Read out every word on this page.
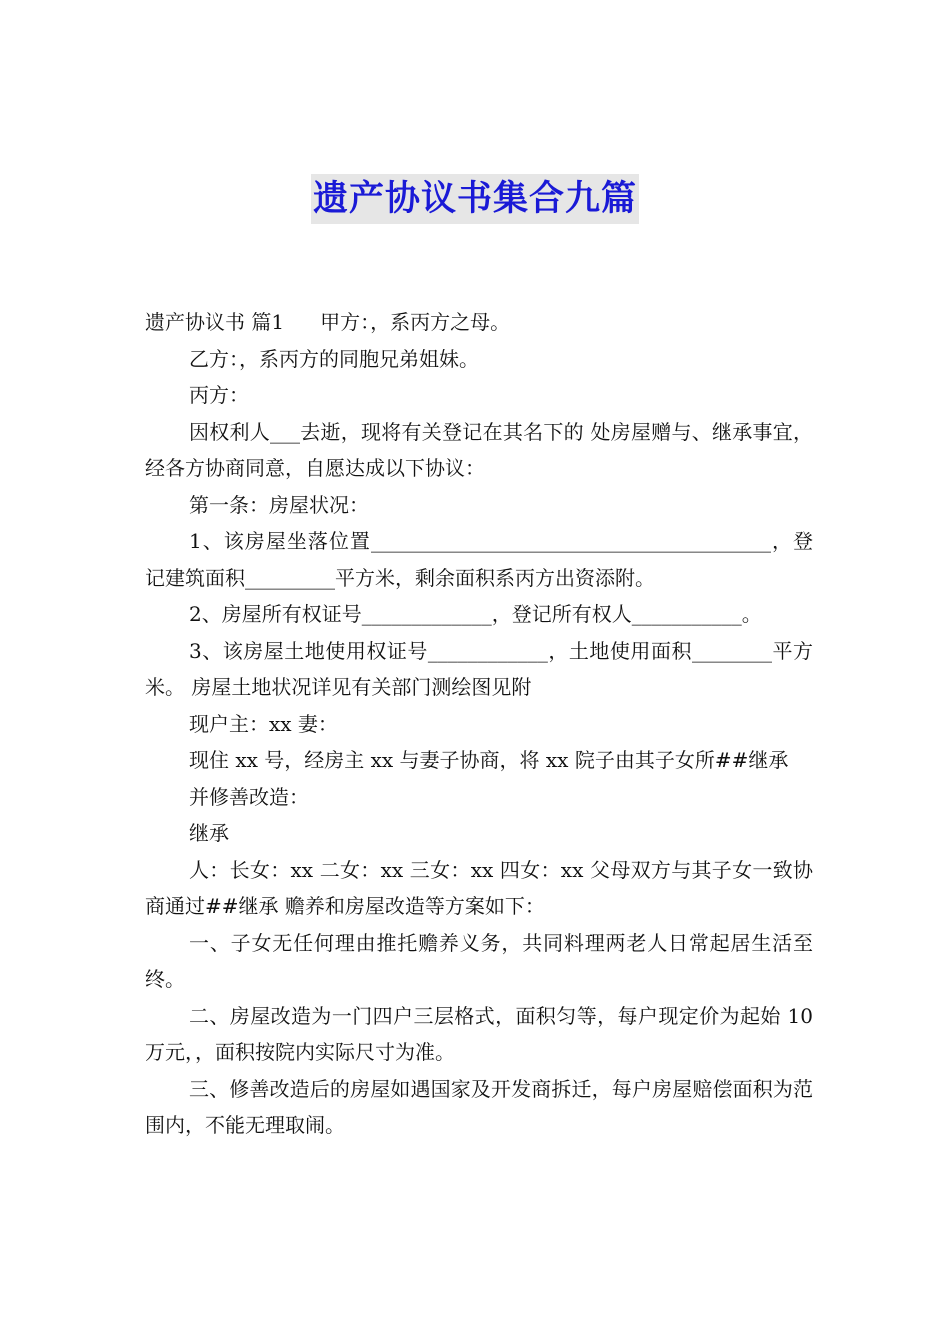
遗产协议书集合九篇

遗产协议书 篇1 甲方：，系丙方之母。

乙方：，系丙方的同胞兄弟姐妹。

丙方：

因权利人___去逝，现将有关登记在其名下的 处房屋赠与、继承事宜，经各方协商同意，自愿达成以下协议：

第一条：房屋状况：

1、该房屋坐落位置________________________________________，登记建筑面积_________平方米，剩余面积系丙方出资添附。

2、房屋所有权证号_____________，登记所有权人___________。

3、该房屋土地使用权证号____________，土地使用面积________平方米。 房屋土地状况详见有关部门测绘图见附

现户主：xx 妻：

现住 xx 号，经房主 xx 与妻子协商，将 xx 院子由其子女所##继承

并修善改造：

继承

人：长女：xx 二女：xx 三女：xx 四女：xx 父母双方与其子女一致协商通过##继承 赡养和房屋改造等方案如下：

一、子女无任何理由推托赡养义务，共同料理两老人日常起居生活至终。

二、房屋改造为一门四户三层格式，面积匀等，每户现定价为起始 10 万元，，面积按院内实际尺寸为准。

三、修善改造后的房屋如遇国家及开发商拆迁，每户房屋赔偿面积为范围内，不能无理取闹。
